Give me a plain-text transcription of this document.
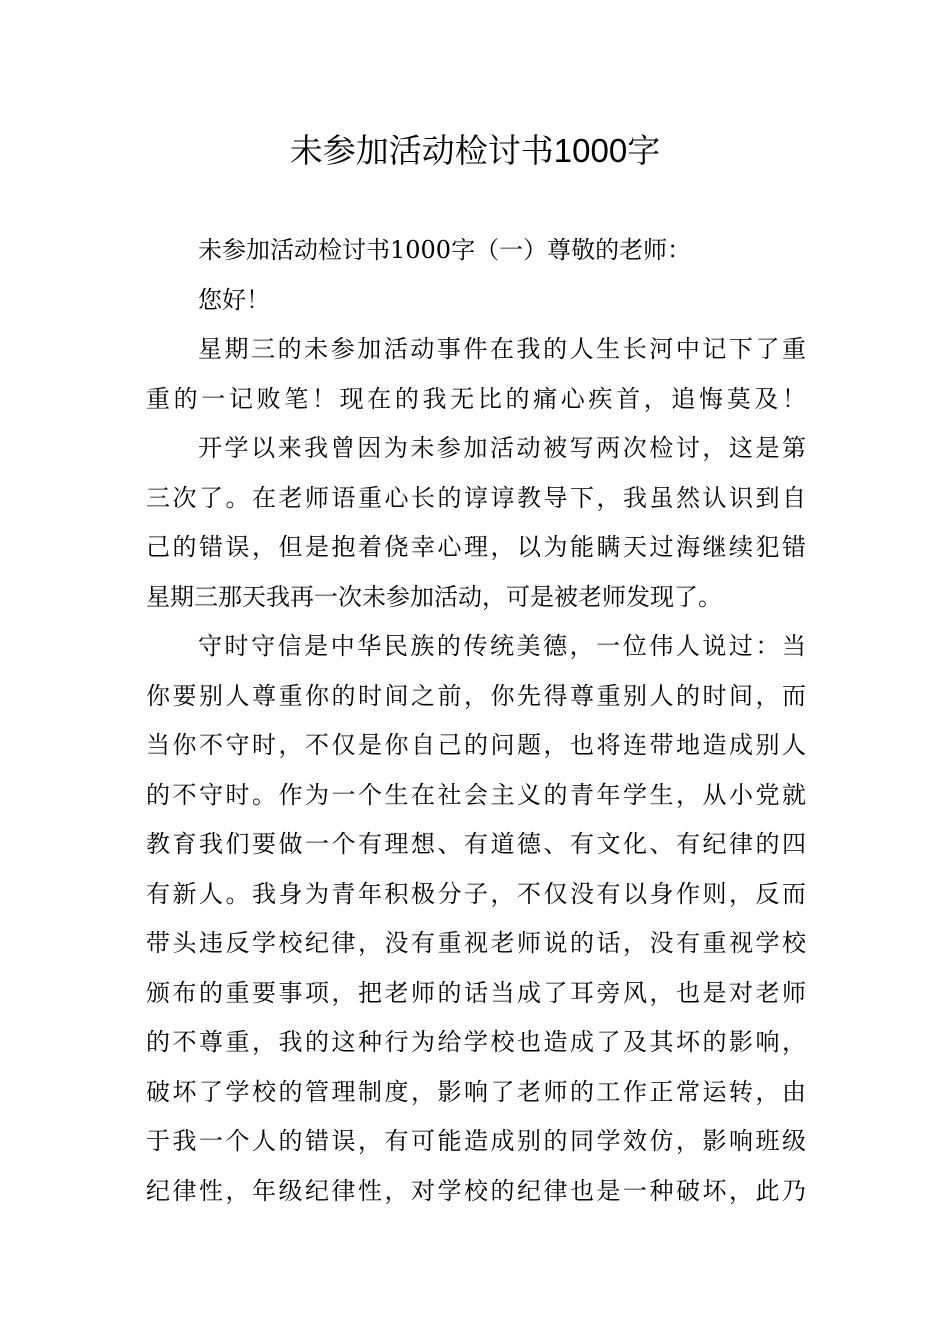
未参加活动检讨书1000字
未参加活动检讨书1000字（一）尊敬的老师：
您好！
星期三的未参加活动事件在我的人生长河中记下了重
重的一记败笔！现在的我无比的痛心疾首，追悔莫及！
开学以来我曾因为未参加活动被写两次检讨，这是第
三次了。在老师语重心长的谆谆教导下，我虽然认识到自
己的错误，但是抱着侥幸心理，以为能瞒天过海继续犯错
星期三那天我再一次未参加活动，可是被老师发现了。
守时守信是中华民族的传统美德，一位伟人说过：当
你要别人尊重你的时间之前，你先得尊重别人的时间，而
当你不守时，不仅是你自己的问题，也将连带地造成别人
的不守时。作为一个生在社会主义的青年学生，从小党就
教育我们要做一个有理想、有道德、有文化、有纪律的四
有新人。我身为青年积极分子，不仅没有以身作则，反而
带头违反学校纪律，没有重视老师说的话，没有重视学校
颁布的重要事项，把老师的话当成了耳旁风，也是对老师
的不尊重，我的这种行为给学校也造成了及其坏的影响，
破坏了学校的管理制度，影响了老师的工作正常运转，由
于我一个人的错误，有可能造成别的同学效仿，影响班级
纪律性，年级纪律性，对学校的纪律也是一种破坏，此乃
